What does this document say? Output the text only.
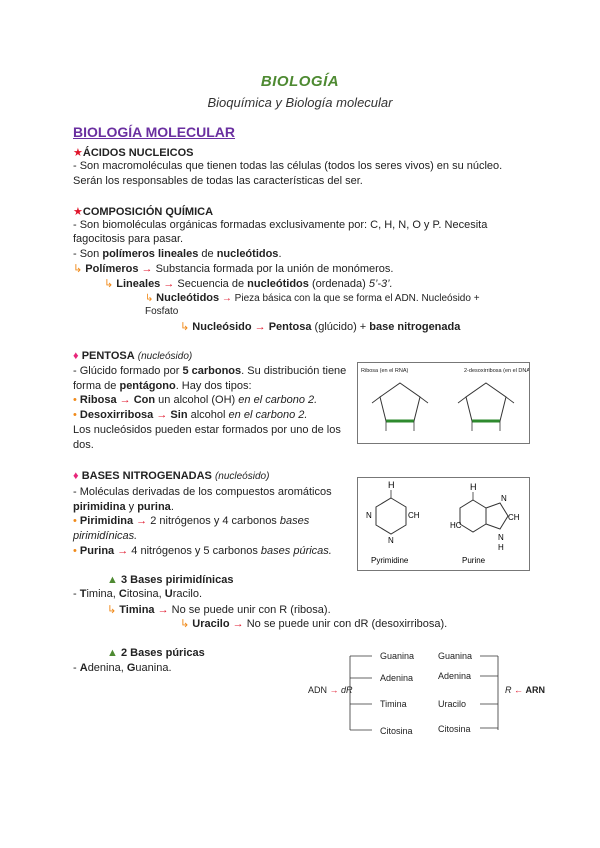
BIOLOGÍA
Bioquímica y Biología molecular
BIOLOGÍA MOLECULAR
★ÁCIDOS NUCLEICOS
- Son macromoléculas que tienen todas las células (todos los seres vivos) en su núcleo.
Serán los responsables de todas las características del ser.
★COMPOSICIÓN QUÍMICA
- Son biomoléculas orgánicas formadas exclusivamente por: C, H, N, O y P. Necesita
fagocitosis para pasar.
- Son polímeros lineales de nucleótidos.
↳ Polímeros → Substancia formada por la unión de monómeros.
↳ Lineales → Secuencia de nucleótidos (ordenada) 5’-3’.
↳ Nucleótidos → Pieza básica con la que se forma el ADN. Nucleósido +
Fosfato
↳ Nucleósido → Pentosa (glúcido) + base nitrogenada
♦ PENTOSA (nucleósido)
- Glúcido formado por 5 carbonos. Su distribución tiene
forma de pentágono. Hay dos tipos:
• Ribosa → Con un alcohol (OH) en el carbono 2.
• Desoxirribosa → Sin alcohol en el carbono 2.
Los nucleósidos pueden estar formados por uno de los
dos.
Ribosa (en el RNA)	2-desoxirribosa (en el DNA)
♦ BASES NITROGENADAS (nucleósido)
- Moléculas derivadas de los compuestos aromáticos
pirimidina y purina.
• Pirimidina → 2 nitrógenos y 4 carbonos bases
pirimidínicas.
• Purina → 4 nitrógenos y 5 carbonos bases púricas.
H
N	CH
N
Pyrimidine
H
HC
N
CH
N
H
Purine
▲ 3 Bases pirimidínicas
- Timina, Citosina, Uracilo.
↳ Timina → No se puede unir con R (ribosa).
↳ Uracilo → No se puede unir con dR (desoxirribosa).
▲ 2 Bases púricas
- Adenina, Guanina.
ADN → dR	R ← ARN
Guanina
Adenina
Timina
Citosina
Guanina
Adenina
Uracilo
Citosina
